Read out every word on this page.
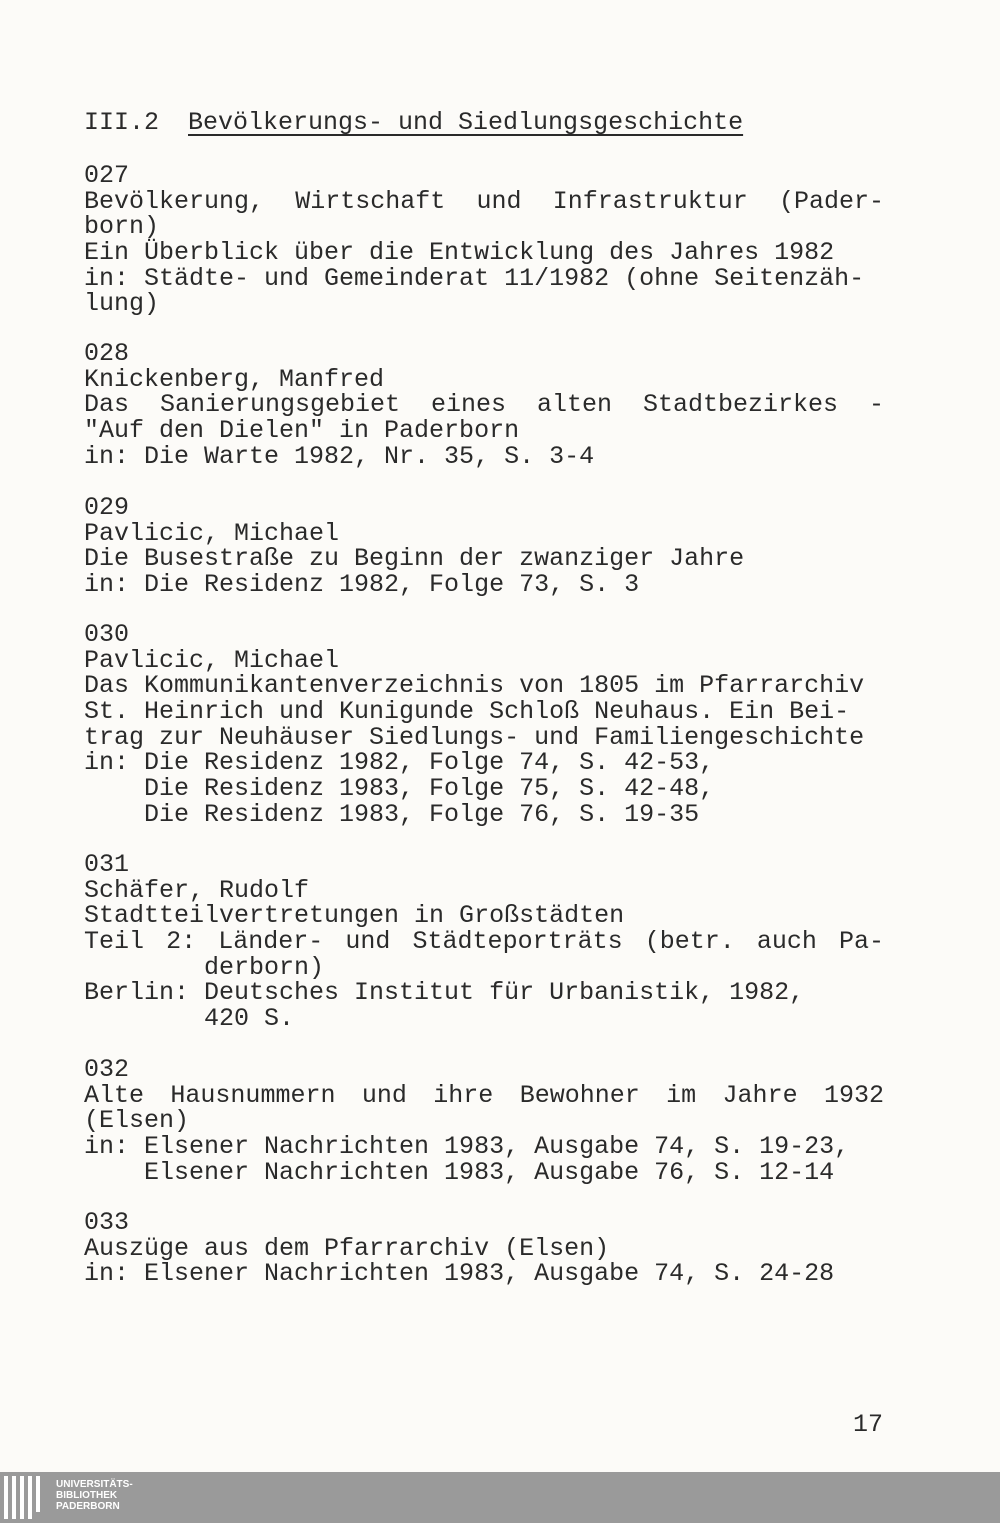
III.2 Bevölkerungs- und Siedlungsgeschichte
027
Bevölkerung, Wirtschaft und Infrastruktur (Pader-
born)
Ein Überblick über die Entwicklung des Jahres 1982
in: Städte- und Gemeinderat 11/1982 (ohne Seitenzäh-
lung)
028
Knickenberg, Manfred
Das Sanierungsgebiet eines alten Stadtbezirkes -
"Auf den Dielen" in Paderborn
in: Die Warte 1982, Nr. 35, S. 3-4
029
Pavlicic, Michael
Die Busestraße zu Beginn der zwanziger Jahre
in: Die Residenz 1982, Folge 73, S. 3
030
Pavlicic, Michael
Das Kommunikantenverzeichnis von 1805 im Pfarrarchiv
St. Heinrich und Kunigunde Schloß Neuhaus. Ein Bei-
trag zur Neuhäuser Siedlungs- und Familiengeschichte
in: Die Residenz 1982, Folge 74, S. 42-53,
Die Residenz 1983, Folge 75, S. 42-48,
Die Residenz 1983, Folge 76, S. 19-35
031
Schäfer, Rudolf
Stadtteilvertretungen in Großstädten
Teil 2: Länder- und Städteporträts (betr. auch Pa-
derborn)
Berlin: Deutsches Institut für Urbanistik, 1982,
420 S.
032
Alte Hausnummern und ihre Bewohner im Jahre 1932
(Elsen)
in: Elsener Nachrichten 1983, Ausgabe 74, S. 19-23,
Elsener Nachrichten 1983, Ausgabe 76, S. 12-14
033
Auszüge aus dem Pfarrarchiv (Elsen)
in: Elsener Nachrichten 1983, Ausgabe 74, S. 24-28
17
UNIVERSITÄTS-
BIBLIOTHEK
PADERBORN
